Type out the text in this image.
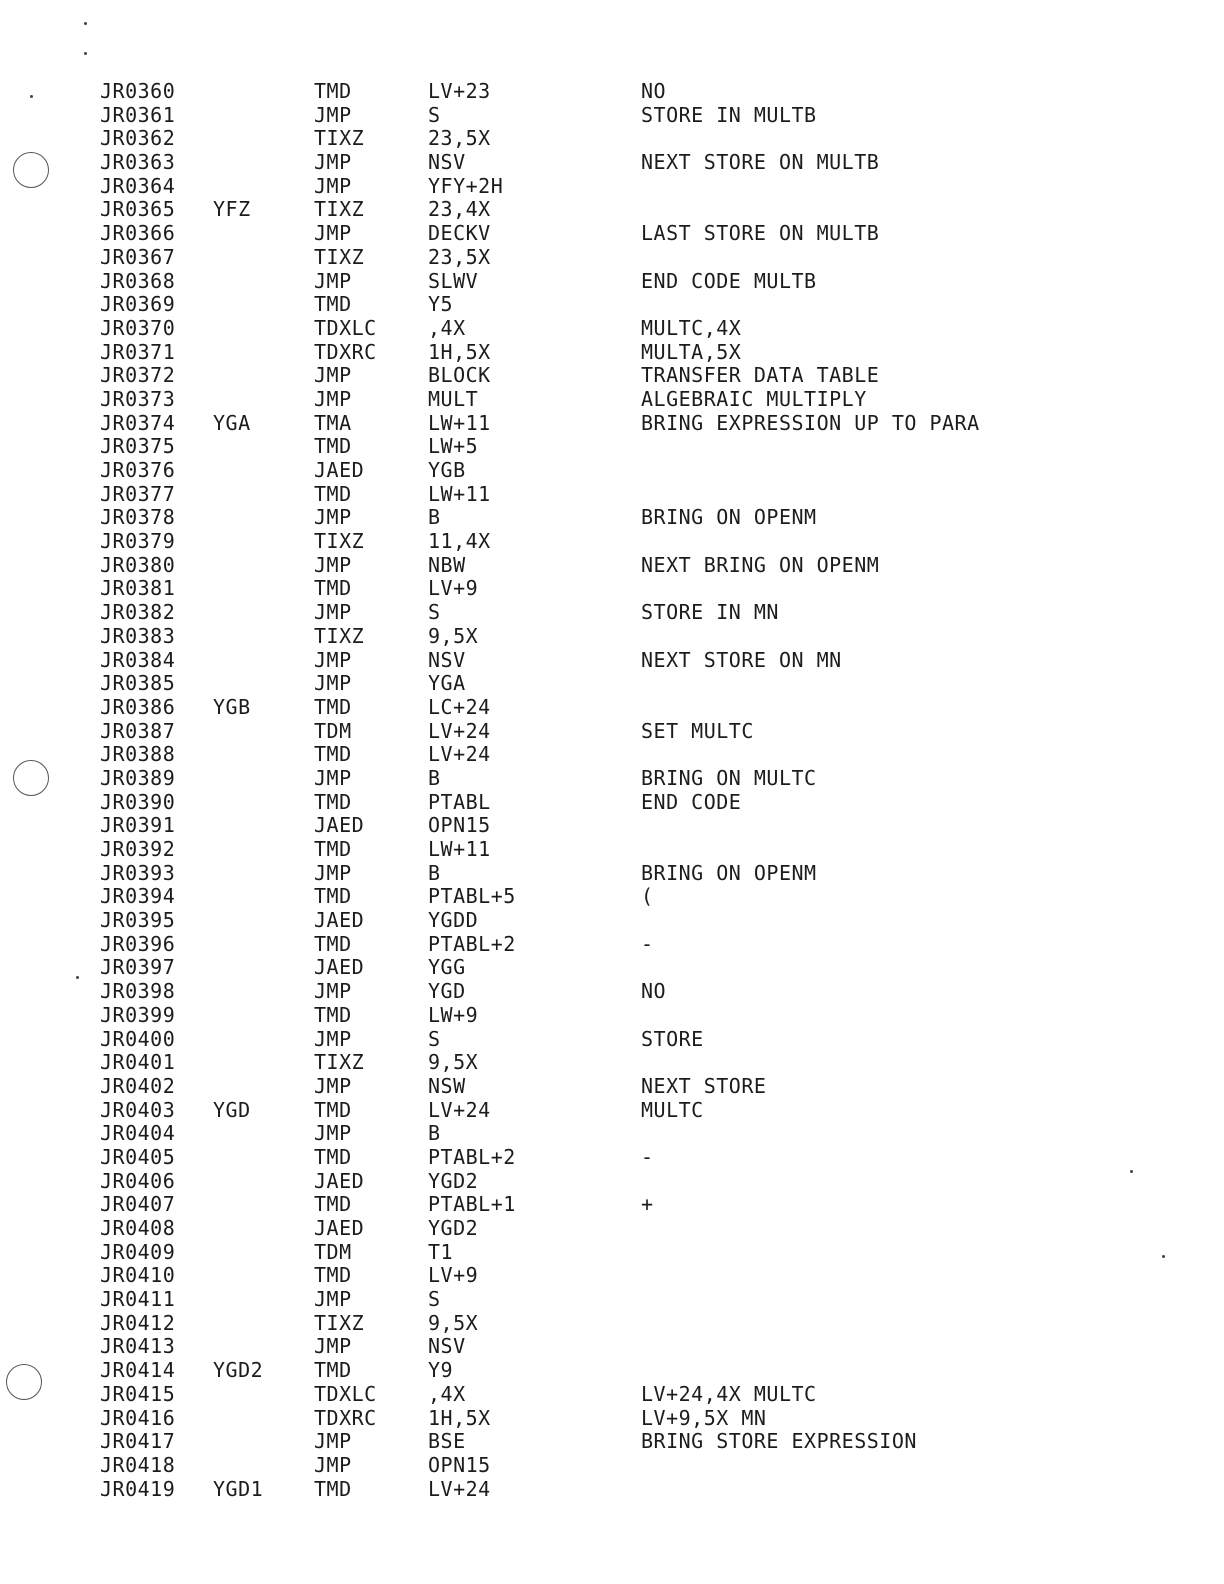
JR0360	TMD	LV+23	NO
JR0361	JMP	S	STORE IN MULTB
JR0362	TIXZ	23,5X
JR0363	JMP	NSV	NEXT STORE ON MULTB
JR0364	JMP	YFY+2H
JR0365 YFZ	TIXZ	23,4X
JR0366	JMP	DECKV	LAST STORE ON MULTB
JR0367	TIXZ	23,5X
JR0368	JMP	SLWV	END CODE MULTB
JR0369	TMD	Y5
JR0370	TDXLC	,4X	MULTC,4X
JR0371	TDXRC	1H,5X	MULTA,5X
JR0372	JMP	BLOCK	TRANSFER DATA TABLE
JR0373	JMP	MULT	ALGEBRAIC MULTIPLY
JR0374 YGA	TMA	LW+11	BRING EXPRESSION UP TO PARA
JR0375	TMD	LW+5
JR0376	JAED	YGB
JR0377	TMD	LW+11
JR0378	JMP	B	BRING ON OPENM
JR0379	TIXZ	11,4X
JR0380	JMP	NBW	NEXT BRING ON OPENM
JR0381	TMD	LV+9
JR0382	JMP	S	STORE IN MN
JR0383	TIXZ	9,5X
JR0384	JMP	NSV	NEXT STORE ON MN
JR0385	JMP	YGA
JR0386 YGB	TMD	LC+24
JR0387	TDM	LV+24	SET MULTC
JR0388	TMD	LV+24
JR0389	JMP	B	BRING ON MULTC
JR0390	TMD	PTABL	END CODE
JR0391	JAED	OPN15
JR0392	TMD	LW+11
JR0393	JMP	B	BRING ON OPENM
JR0394	TMD	PTABL+5	(
JR0395	JAED	YGDD
JR0396	TMD	PTABL+2	-
JR0397	JAED	YGG
JR0398	JMP	YGD	NO
JR0399	TMD	LW+9
JR0400	JMP	S	STORE
JR0401	TIXZ	9,5X
JR0402	JMP	NSW	NEXT STORE
JR0403 YGD	TMD	LV+24	MULTC
JR0404	JMP	B
JR0405	TMD	PTABL+2	-
JR0406	JAED	YGD2
JR0407	TMD	PTABL+1	+
JR0408	JAED	YGD2
JR0409	TDM	T1
JR0410	TMD	LV+9
JR0411	JMP	S
JR0412	TIXZ	9,5X
JR0413	JMP	NSV
JR0414 YGD2	TMD	Y9
JR0415	TDXLC	,4X	LV+24,4X MULTC
JR0416	TDXRC	1H,5X	LV+9,5X MN
JR0417	JMP	BSE	BRING STORE EXPRESSION
JR0418	JMP	OPN15
JR0419 YGD1	TMD	LV+24
